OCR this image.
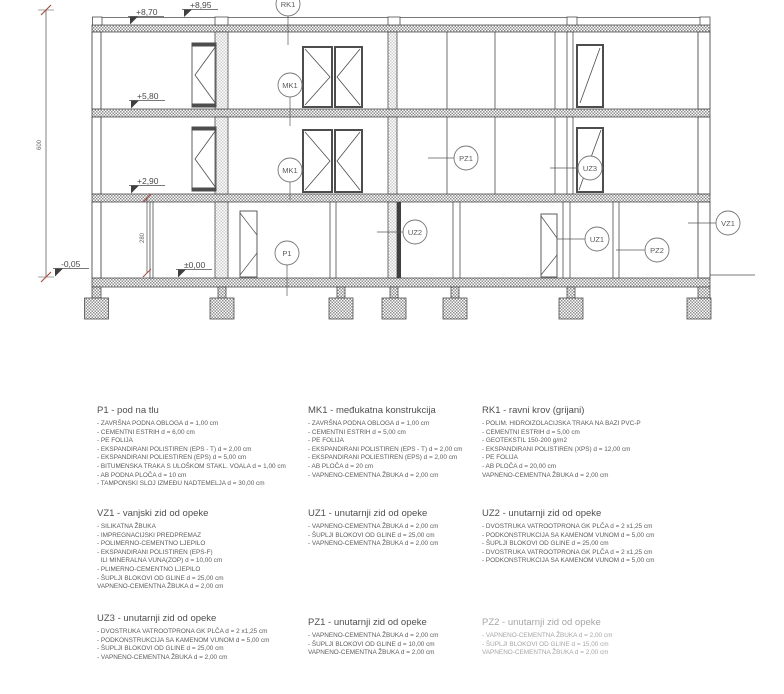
+8,70
+8,95
+5,80
+2,90
±0,00
-0,05
600
280
RK1
MK1
MK1
PZ1
UZ3
VZ1
UZ2
P1
UZ1
PZ2
P1 - pod na tlu
- ZAVRŠNA PODNA OBLOGA d = 1,00 cm
- CEMENTNI ESTRIH d = 6,00 cm
- PE FOLIJA
- EKSPANDIRANI POLISTIREN (EPS - T) d = 2,00 cm
- EKSPANDIRANI POLIESTIREN (EPS) d = 5,00 cm
- BITUMENSKA TRAKA S ULOŠKOM STAKL. VOALA d = 1,00 cm
- AB PODNA PLOČA d = 10 cm
- TAMPONSKI SLOJ IZMEĐU NADTEMELJA d = 30,00 cm
MK1 - međukatna konstrukcija
- ZAVRŠNA PODNA OBLOGA d = 1,00 cm
- CEMENTNI ESTRIH d = 5,00 cm
- PE FOLIJA
- EKSPANDIRANI POLISTIREN (EPS - T) d = 2,00 cm
- EKSPANDIRANI POLIESTIREN (EPS) d = 2,00 cm
- AB PLOČA d = 20 cm
- VAPNENO-CEMENTNA ŽBUKA d = 2,00 cm
RK1 - ravni krov (grijani)
- POLIM. HIDROIZOLACIJSKA TRAKA NA BAZI PVC-P
- CEMENTNI ESTRIH d = 5,00 cm
- GEOTEKSTIL 150-200 g/m2
- EKSPANDIRANI POLISTIREN (XPS) d = 12,00 cm
- PE FOLIJA
- AB PLOČA d = 20,00 cm
VAPNENO-CEMENTNA ŽBUKA d = 2,00 cm
VZ1 - vanjski zid od opeke
- SILIKATNA ŽBUKA
- IMPREGNACIJSKI PREDPREMAZ
- POLIMERNO-CEMENTNO LJEPILO
- EKSPANDIRANI POLISTIREN (EPS-F)
ILI MINERALNA VUNA(ZOP) d = 10,00 cm
- PLIMERNO-CEMENTNO LJEPILO
- ŠUPLJI BLOKOVI OD GLINE d = 25,00 cm
VAPNENO-CEMENTNA ŽBUKA d = 2,00 cm
UZ1 - unutarnji zid od opeke
- VAPNENO-CEMENTNA ŽBUKA d = 2,00 cm
- ŠUPLJI BLOKOVI OD GLINE d = 25,00 cm
- VAPNENO-CEMENTNA ŽBUKA d = 2,00 cm
UZ2 - unutarnji zid od opeke
- DVOSTRUKA VATROOTPRONA GK PLČA d = 2 x1,25 cm
- PODKONSTRUKCIJA SA KAMENOM VUNOM d = 5,00 cm
- ŠUPLJI BLOKOVI OD GLINE d = 25,00 cm
- DVOSTRUKA VATROOTPRONA GK PLČA d = 2 x1,25 cm
- PODKONSTRUKCIJA SA KAMENOM VUNOM d = 5,00 cm
UZ3 - unutarnji zid od opeke
- DVOSTRUKA VATROOTPRONA GK PLČA d = 2 x1,25 cm
- PODKONSTRUKCIJA SA KAMENOM VUNOM d = 5,00 cm
- ŠUPLJI BLOKOVI OD GLINE d = 25,00 cm
- VAPNENO-CEMENTNA ŽBUKA d = 2,00 cm
PZ1 - unutarnji zid od opeke
- VAPNENO-CEMENTNA ŽBUKA d = 2,00 cm
- ŠUPLJI BLOKOVI OD GLINE d = 10,00 cm
VAPNENO-CEMENTNA ŽBUKA d = 2,00 cm
PZ2 - unutarnji zid od opeke
- VAPNENO-CEMENTNA ŽBUKA d = 2,00 cm
- ŠUPLJI BLOKOVI OD GLINE d = 15,00 cm
VAPNENO-CEMENTNA ŽBUKA d = 2,00 cm
